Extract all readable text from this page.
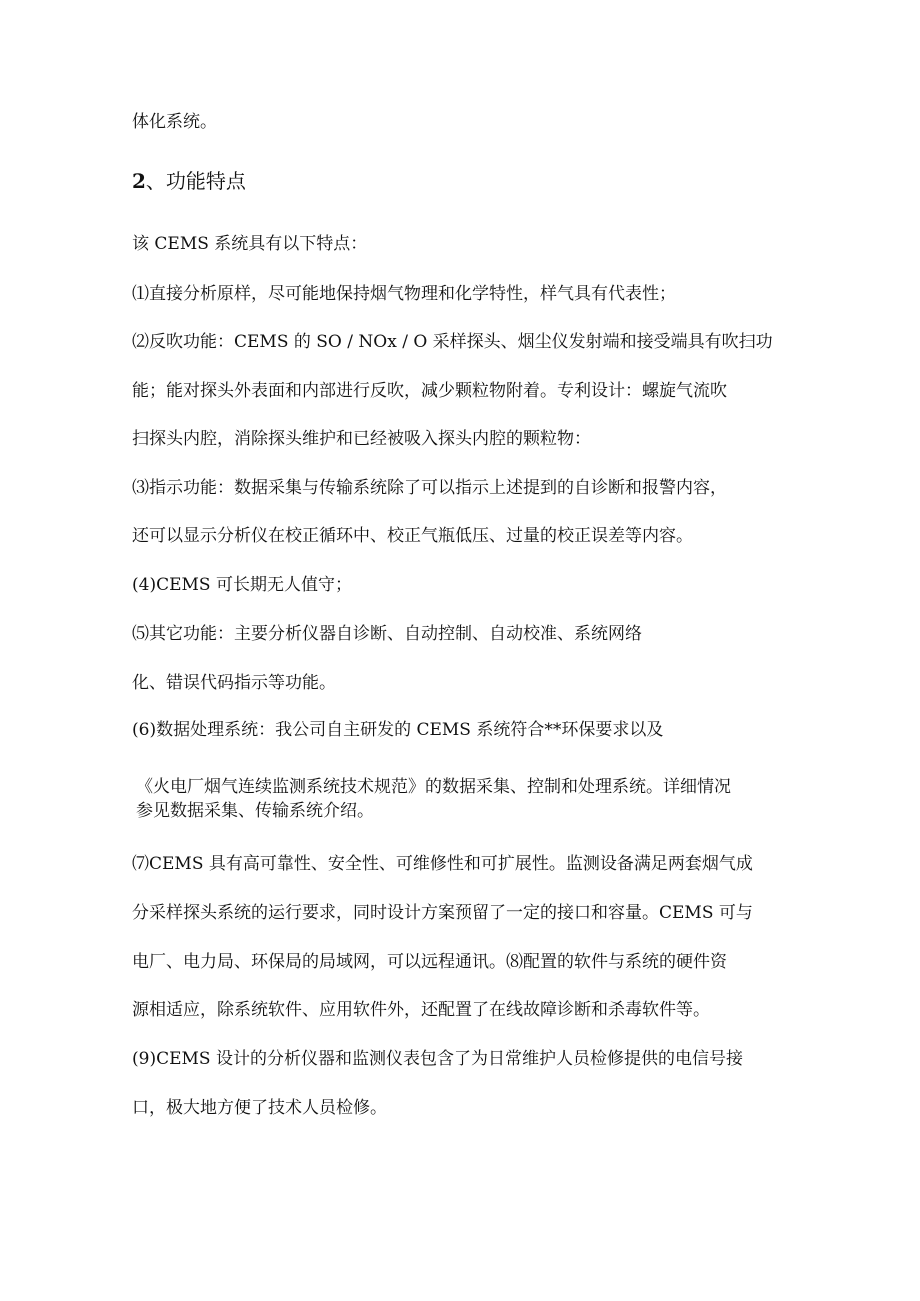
体化系统。

2、功能特点

该 CEMS 系统具有以下特点：

⑴直接分析原样，尽可能地保持烟气物理和化学特性，样气具有代表性；

⑵反吹功能：CEMS 的 SO / NOx / O 采样探头、烟尘仪发射端和接受端具有吹扫功

能；能对探头外表面和内部进行反吹，减少颗粒物附着。专利设计：螺旋气流吹

扫探头内腔，消除探头维护和已经被吸入探头内腔的颗粒物：

⑶指示功能：数据采集与传输系统除了可以指示上述提到的自诊断和报警内容，

还可以显示分析仪在校正循环中、校正气瓶低压、过量的校正误差等内容。

(4)CEMS 可长期无人值守；

⑸其它功能：主要分析仪器自诊断、自动控制、自动校准、系统网络

化、错误代码指示等功能。

(6)数据处理系统：我公司自主研发的 CEMS 系统符合**环保要求以及

《火电厂烟气连续监测系统技术规范》的数据采集、控制和处理系统。详细情况

参见数据采集、传输系统介绍。

⑺CEMS 具有高可靠性、安全性、可维修性和可扩展性。监测设备满足两套烟气成

分采样探头系统的运行要求，同时设计方案预留了一定的接口和容量。CEMS 可与

电厂、电力局、环保局的局域网，可以远程通讯。⑻配置的软件与系统的硬件资

源相适应，除系统软件、应用软件外，还配置了在线故障诊断和杀毒软件等。

(9)CEMS 设计的分析仪器和监测仪表包含了为日常维护人员检修提供的电信号接

口，极大地方便了技术人员检修。
